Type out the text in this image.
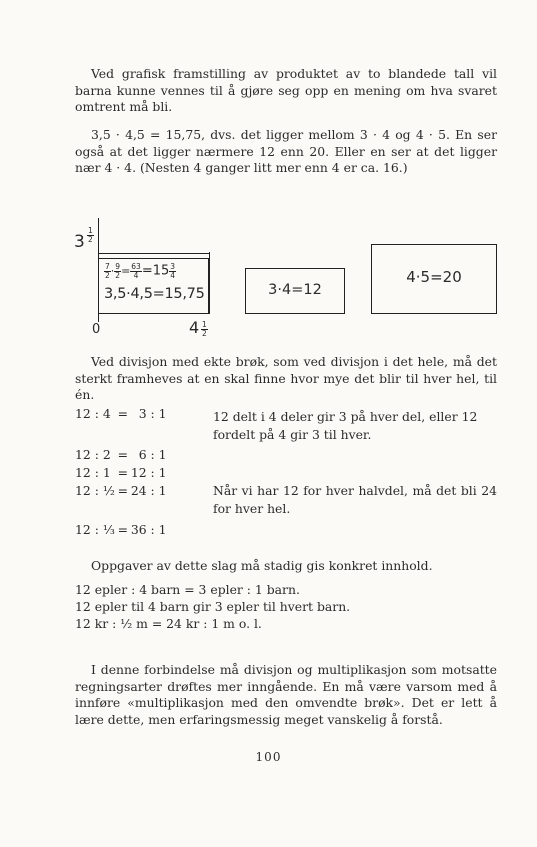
Ved grafisk framstilling av produktet av to blandede tall vil barna kunne vennes til å gjøre seg opp en mening om hva svaret omtrent må bli.

3,5 · 4,5 = 15,75, dvs. det ligger mellom 3 · 4 og 4 · 5. En ser også at det ligger nærmere 12 enn 20. Eller en ser at det ligger nær 4 · 4. (Nesten 4 ganger litt mer enn 4 er ca. 16.)

$3 \frac{1}{2}$
$\frac{7}{2} \cdot \frac{9}{2} = \frac{63}{4} =15 \frac{3}{4}$
3,5·4,5=15,75	3·4=12
4·5=20
0	$4 \frac{1}{2}$

Ved divisjon med ekte brøk, som ved divisjon i det hele, må det sterkt framheves at en skal finne hvor mye det blir til hver hel, til én.

12 : 4	=	3 : 1
12 : 2	=	6 : 1
12 : 1	=	12 : 1
12 : ½	=	24 : 1
12 : ⅓	=	36 : 1

12 delt i 4 deler gir 3 på hver del, eller 12 fordelt på 4 gir 3 til hver.

Når vi har 12 for hver halvdel, må det bli 24 for hver hel.

Oppgaver av dette slag må stadig gis konkret innhold.

12 epler : 4 barn = 3 epler : 1 barn.
12 epler til 4 barn gir 3 epler til hvert barn.
12 kr : ½ m = 24 kr : 1 m o. l.

I denne forbindelse må divisjon og multiplikasjon som motsatte regningsarter drøftes mer inngående. En må være varsom med å innføre «multiplikasjon med den omvendte brøk». Det er lett å lære dette, men erfaringsmessig meget vanskelig å forstå.

100
